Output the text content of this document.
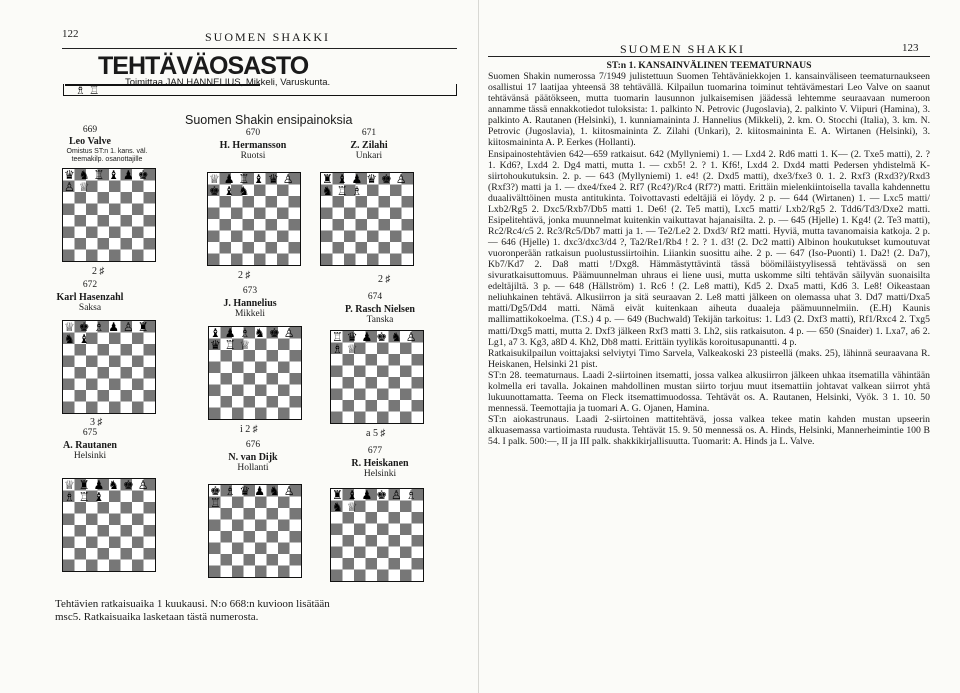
122	SUOMEN SHAKKI
TEHTÄVÄOSASTO
♗ ♖
Toimittaa JAN HANNELIUS, Mikkeli, Varuskunta.
Suomen Shakin ensipainoksia
669
Leo Valve
Omistus ST:n 1. kans. väl. teemakilp. osanottajille
670
H. Hermansson
Ruotsi
671
Z. Zilahi
Unkari
♛ ♞ ♖ ♝ ♟ ♚ ♙ ♕
♕ ♟ ♖ ♝ ♛ ♙ ♚ ♝ ♞
♜ ♝ ♟ ♛ ♚ ♙ ♞ ♖ ♗
2 ♯	2 ♯	2 ♯
672
Karl Hasenzahl
Saksa
673
J. Hannelius
Mikkeli
674
P. Rasch Nielsen
Tanska
♕ ♚ ♗ ♟ ♙ ♜ ♞ ♝	♝ ♟ ♗ ♞ ♚ ♙ ♛ ♖ ♕
♖ ♛ ♟ ♚ ♞ ♙ ♗ ♕
3 ♯
i 2 ♯	a 5 ♯
675
A. Rautanen
Helsinki
676
N. van Dijk
Hollanti
677
R. Heiskanen
Helsinki
♕ ♜ ♟ ♞ ♚ ♙ ♗ ♖ ♝	♚ ♗ ♛ ♟ ♞ ♙ ♖
♜ ♝ ♟ ♚ ♙ ♗ ♞ ♕
Tehtävien ratkaisuaika 1 kuukausi. N:o 668:n kuvioon lisätään
msc5. Ratkaisuaika lasketaan tästä numerosta.
SUOMEN SHAKKI	123

ST:n 1. KANSAINVÄLINEN TEEMATURNAUS

Suomen Shakin numerossa 7/1949 julistettuun Suomen Tehtäväniekkojen 1. kansainväliseen teematurnaukseen osallistui 17 laatijaa yhteensä 38 tehtävällä. Kilpailun tuomarina toiminut tehtävämestari Leo Valve on saanut tehtävänsä päätökseen, mutta tuomarin lausunnon julkaisemisen jäädessä lehtemme seuraavaan numeroon annamme tässä ennakkotiedot tuloksista: 1. palkinto N. Petrovic (Jugoslavia), 2. palkinto V. Viipuri (Hamina), 3. palkinto A. Rautanen (Helsinki), 1. kunniamaininta J. Hannelius (Mikkeli), 2. km. O. Stocchi (Italia), 3. km. N. Petrovic (Jugoslavia), 1. kiitosmaininta Z. Zilahi (Unkari), 2. kiitosmaininta E. A. Wirtanen (Helsinki), 3. kiitosmaininta A. P. Eerkes (Hollanti).

Ensipainostehtävien 642—659 ratkaisut. 642 (Myllyniemi) 1. — Lxd4 2. Rd6 matti 1. K— (2. Txe5 matti), 2. ? 1. Kd6?, Lxd4 2. Dg4 matti, mutta 1. — cxb5! 2. ? 1. Kf6!, Lxd4 2. Dxd4 matti Pedersen yhdistelmä K-siirtohoukutuksin. 2. p. — 643 (Myllyniemi) 1. e4! (2. Dxd5 matti), dxe3/fxe3 0. 1. 2. Rxf3 (Rxd3?)/Rxd3 (Rxf3?) matti ja 1. — dxe4/fxe4 2. Rf7 (Rc4?)/Rc4 (Rf7?) matti. Erittäin mielenkiintoisella tavalla kahdennettu duaalivälttöinen musta antitukinta. Toivottavasti edeltäjiä ei löydy. 2 p. — 644 (Wirtanen) 1. — Lxc5 matti/ Lxb2/Rg5 2. Dxc5/Rxb7/Db5 matti 1. De6! (2. Te5 matti), Lxc5 matti/ Lxb2/Rg5 2. Tdd6/Td3/Dxe2 matti. Esipelitehtävä, jonka muunnelmat kuitenkin vaikuttavat hajanaisilta. 2. p. — 645 (Hjelle) 1. Kg4! (2. Te3 matti), Rc2/Rc4/c5 2. Rc3/Rc5/Db7 matti ja 1. — Te2/Le2 2. Dxd3/ Rf2 matti. Hyviä, mutta tavanomaisia katkoja. 2 p. — 646 (Hjelle) 1. dxc3/dxc3/d4 ?, Ta2/Re1/Rb4 ! 2. ? 1. d3! (2. Dc2 matti) Albinon houkutukset kumoutuvat vuoronperään ratkaisun puolustussiirtoihin. Liiankin suosittu aihe. 2 p. — 647 (Iso-Puonti) 1. Da2! (2. Da7), Kb7/Kd7 2. Da8 matti !/Dxg8. Hämmästyttävintä tässä böömiläistyylisessä tehtävässä on sen sivuratkaisuttomuus. Päämuunnelman uhraus ei liene uusi, mutta uskomme silti tehtävän säilyvän suonaisilta edeltäjiltä. 3 p. — 648 (Hällström) 1. Rc6 ! (2. Le8 matti), Kd5 2. Dxa5 matti, Kd6 3. Le8! Oikeastaan neliuhkainen tehtävä. Alkusiirron ja sitä seuraavan 2. Le8 matti jälkeen on olemassa uhat 3. Dd7 matti/Dxa5 matti/Dg5/Dd4 matti. Nämä eivät kuitenkaan aiheuta duaaleja päämuunnelmiin. (E.H) Kaunis mallimattikokoelma. (T.S.) 4 p. — 649 (Buchwald) Tekijän tarkoitus: 1. Ld3 (2. Dxf3 matti), Rf1/Rxc4 2. Txg5 matti/Dxg5 matti, mutta 2. Dxf3 jälkeen Rxf3 matti 3. Lh2, siis ratkaisuton. 4 p. — 650 (Snaider) 1. Lxa7, a6 2. Lg1, a7 3. Kg3, a8D 4. Kh2, Db8 matti. Erittäin tyylikäs koroitusapunantti. 4 p.

Ratkaisukilpailun voittajaksi selviytyi Timo Sarvela, Valkeakoski 23 pisteellä (maks. 25), lähinnä seuraavana R. Heiskanen, Helsinki 21 pist.

ST:n 28. teematurnaus. Laadi 2-siirtoinen itsematti, jossa valkea alkusiirron jälkeen uhkaa itsematilla vähintään kolmella eri tavalla. Jokainen mahdollinen mustan siirto torjuu muut itsemattiin johtavat valkean siirrot yhtä lukuunottamatta. Teema on Fleck itsemattimuodossa. Tehtävät os. A. Rautanen, Helsinki, Vyök. 3 1. 10. 50 mennessä. Teemottajia ja tuomari A. G. Ojanen, Hamina.

ST:n aiokastrunaus. Laadi 2-siirtoinen mattitehtävä, jossa valkea tekee matin kahden mustan upseerin alkuasemassa vartioimasta ruudusta. Tehtävät 15. 9. 50 mennessä os. A. Hinds, Helsinki, Mannerheimintie 100 B 54. I palk. 500:—, II ja III palk. shakkikirjallisuutta. Tuomarit: A. Hinds ja L. Valve.
